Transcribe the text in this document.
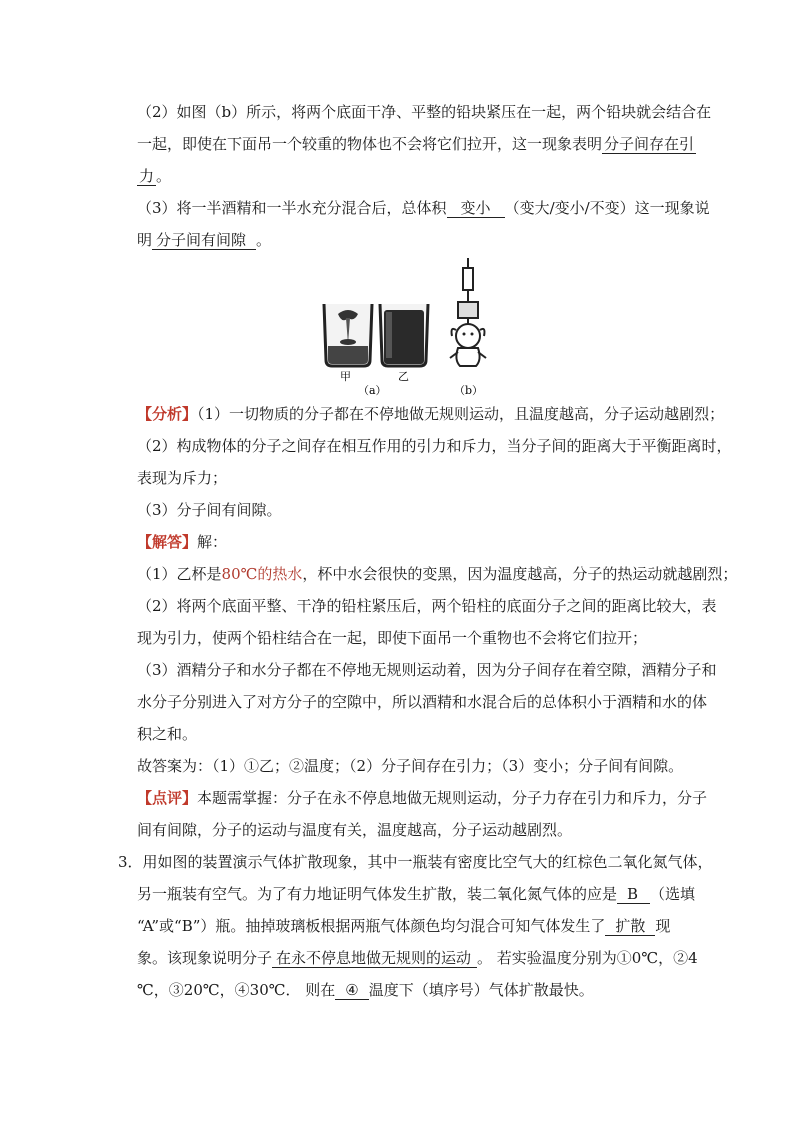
（2）如图（b）所示，将两个底面干净、平整的铅块紧压在一起，两个铅块就会结合在
一起，即使在下面吊一个较重的物体也不会将它们拉开，这一现象表明 分子间存在引
力 。
（3）将一半酒精和一半水充分混合后，总体积 变小 （变大/变小/不变）这一现象说
明 分子间有间隙 。
甲	乙
（a）	（b）
【分析】（1）一切物质的分子都在不停地做无规则运动，且温度越高，分子运动越剧烈；
（2）构成物体的分子之间存在相互作用的引力和斥力，当分子间的距离大于平衡距离时，
表现为斥力；
（3）分子间有间隙。
【解答】解：
（1）乙杯是80℃的热水，杯中水会很快的变黑，因为温度越高，分子的热运动就越剧烈；
（2）将两个底面平整、干净的铅柱紧压后，两个铅柱的底面分子之间的距离比较大，表
现为引力，使两个铅柱结合在一起，即使下面吊一个重物也不会将它们拉开；
（3）酒精分子和水分子都在不停地无规则运动着，因为分子间存在着空隙，酒精分子和
水分子分别进入了对方分子的空隙中，所以酒精和水混合后的总体积小于酒精和水的体
积之和。
故答案为：（1）①乙；②温度；（2）分子间存在引力；（3）变小；分子间有间隙。
【点评】本题需掌握：分子在永不停息地做无规则运动，分子力存在引力和斥力，分子
间有间隙，分子的运动与温度有关，温度越高，分子运动越剧烈。
3．用如图的装置演示气体扩散现象，其中一瓶装有密度比空气大的红棕色二氧化氮气体，
另一瓶装有空气。为了有力地证明气体发生扩散，装二氧化氮气体的应是 B （选填
“A”或“B”）瓶。抽掉玻璃板根据两瓶气体颜色均匀混合可知气体发生了 扩散 现
象。该现象说明分子 在永不停息地做无规则的运动 。 若实验温度分别为①0℃，②4
℃，③20℃，④30℃． 则在 ④ 温度下（填序号）气体扩散最快。
